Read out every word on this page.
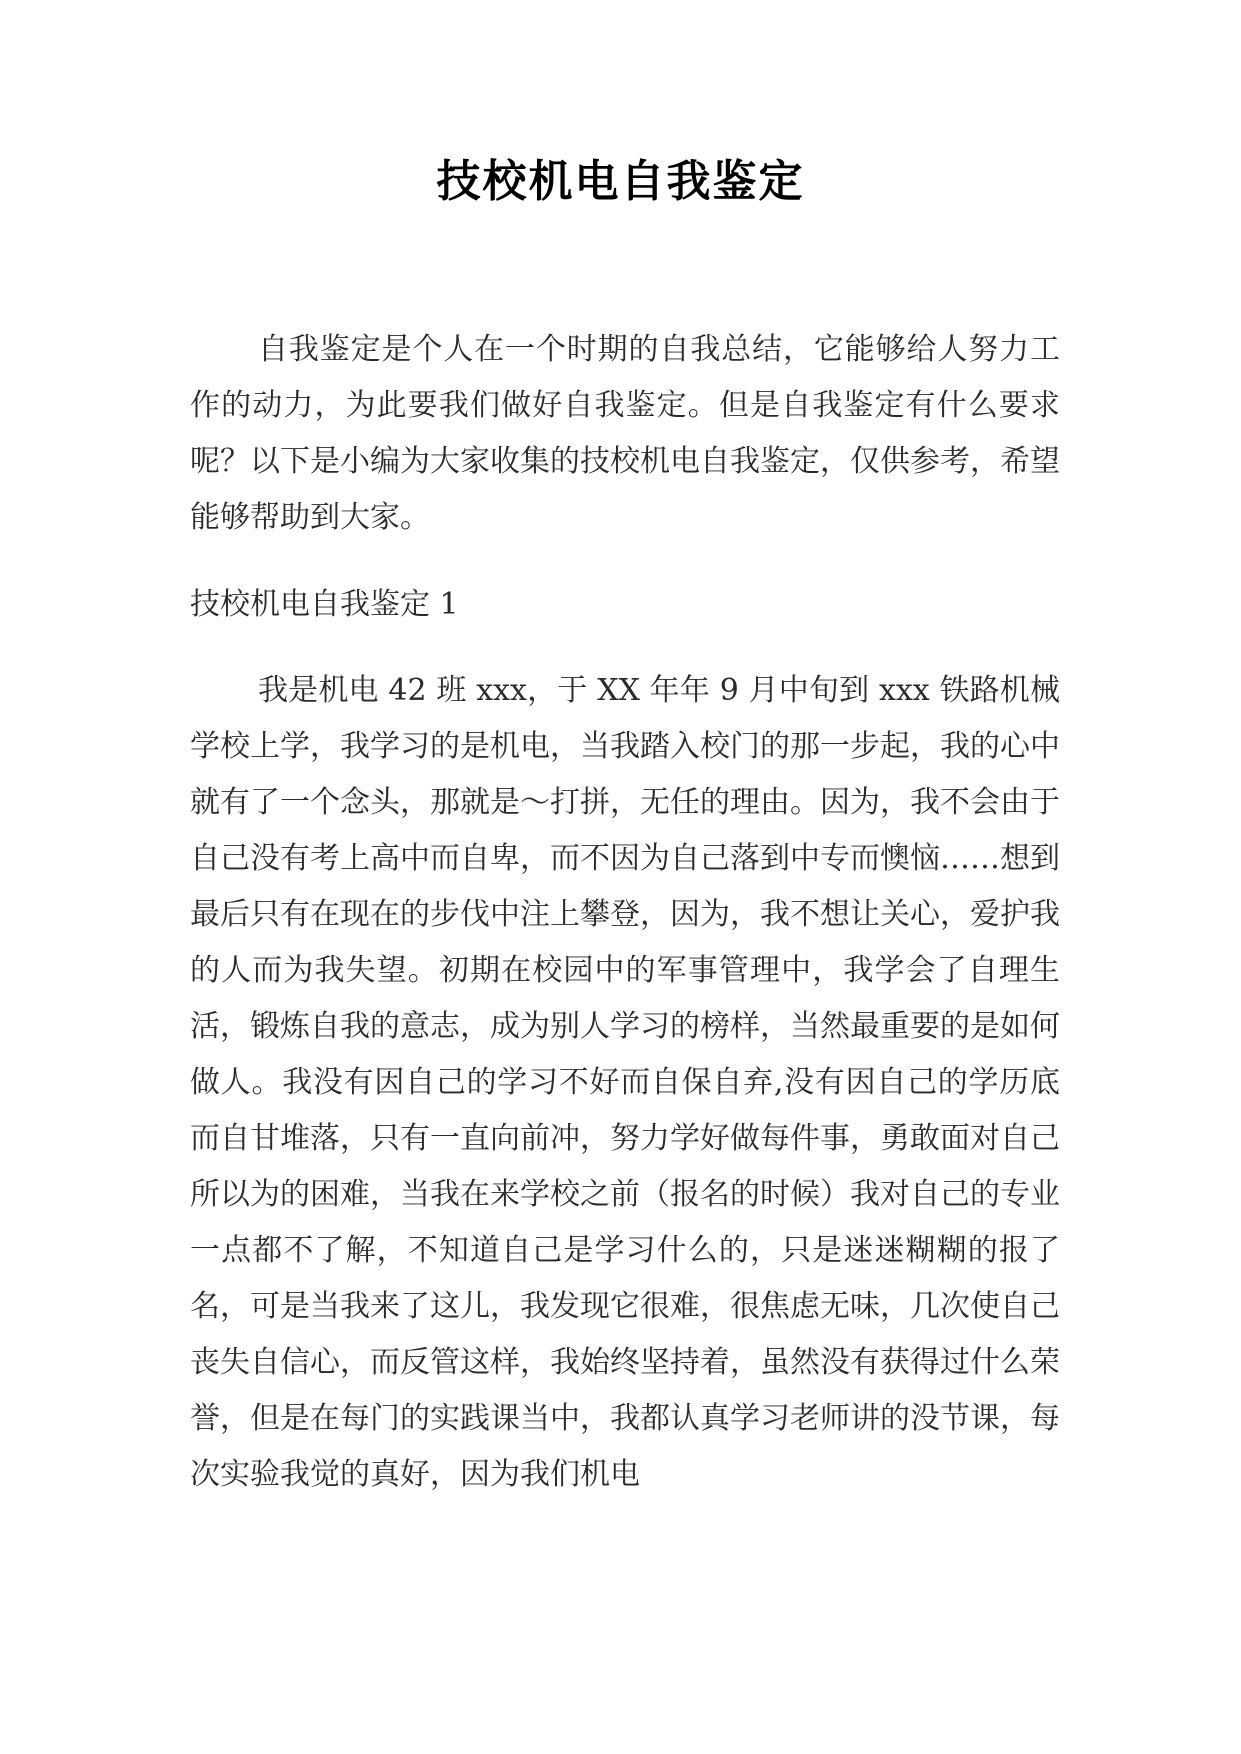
技校机电自我鉴定

自我鉴定是个人在一个时期的自我总结，它能够给人努力工作的动力，为此要我们做好自我鉴定。但是自我鉴定有什么要求呢？以下是小编为大家收集的技校机电自我鉴定，仅供参考，希望能够帮助到大家。

技校机电自我鉴定 1

我是机电 42 班 xxx，于 XX 年年 9 月中旬到 xxx 铁路机械学校上学，我学习的是机电，当我踏入校门的那一步起，我的心中就有了一个念头，那就是～打拼，无任的理由。因为，我不会由于自己没有考上高中而自卑，而不因为自己落到中专而懊恼……想到最后只有在现在的步伐中注上攀登，因为，我不想让关心，爱护我的人而为我失望。初期在校园中的军事管理中，我学会了自理生活，锻炼自我的意志，成为别人学习的榜样，当然最重要的是如何做人。我没有因自己的学习不好而自保自弃,没有因自己的学历底而自甘堆落，只有一直向前冲，努力学好做每件事，勇敢面对自己所以为的困难，当我在来学校之前（报名的时候）我对自己的专业一点都不了解，不知道自己是学习什么的，只是迷迷糊糊的报了名，可是当我来了这儿，我发现它很难，很焦虑无味，几次使自己丧失自信心，而反管这样，我始终坚持着，虽然没有获得过什么荣誉，但是在每门的实践课当中，我都认真学习老师讲的没节课，每次实验我觉的真好，因为我们机电
